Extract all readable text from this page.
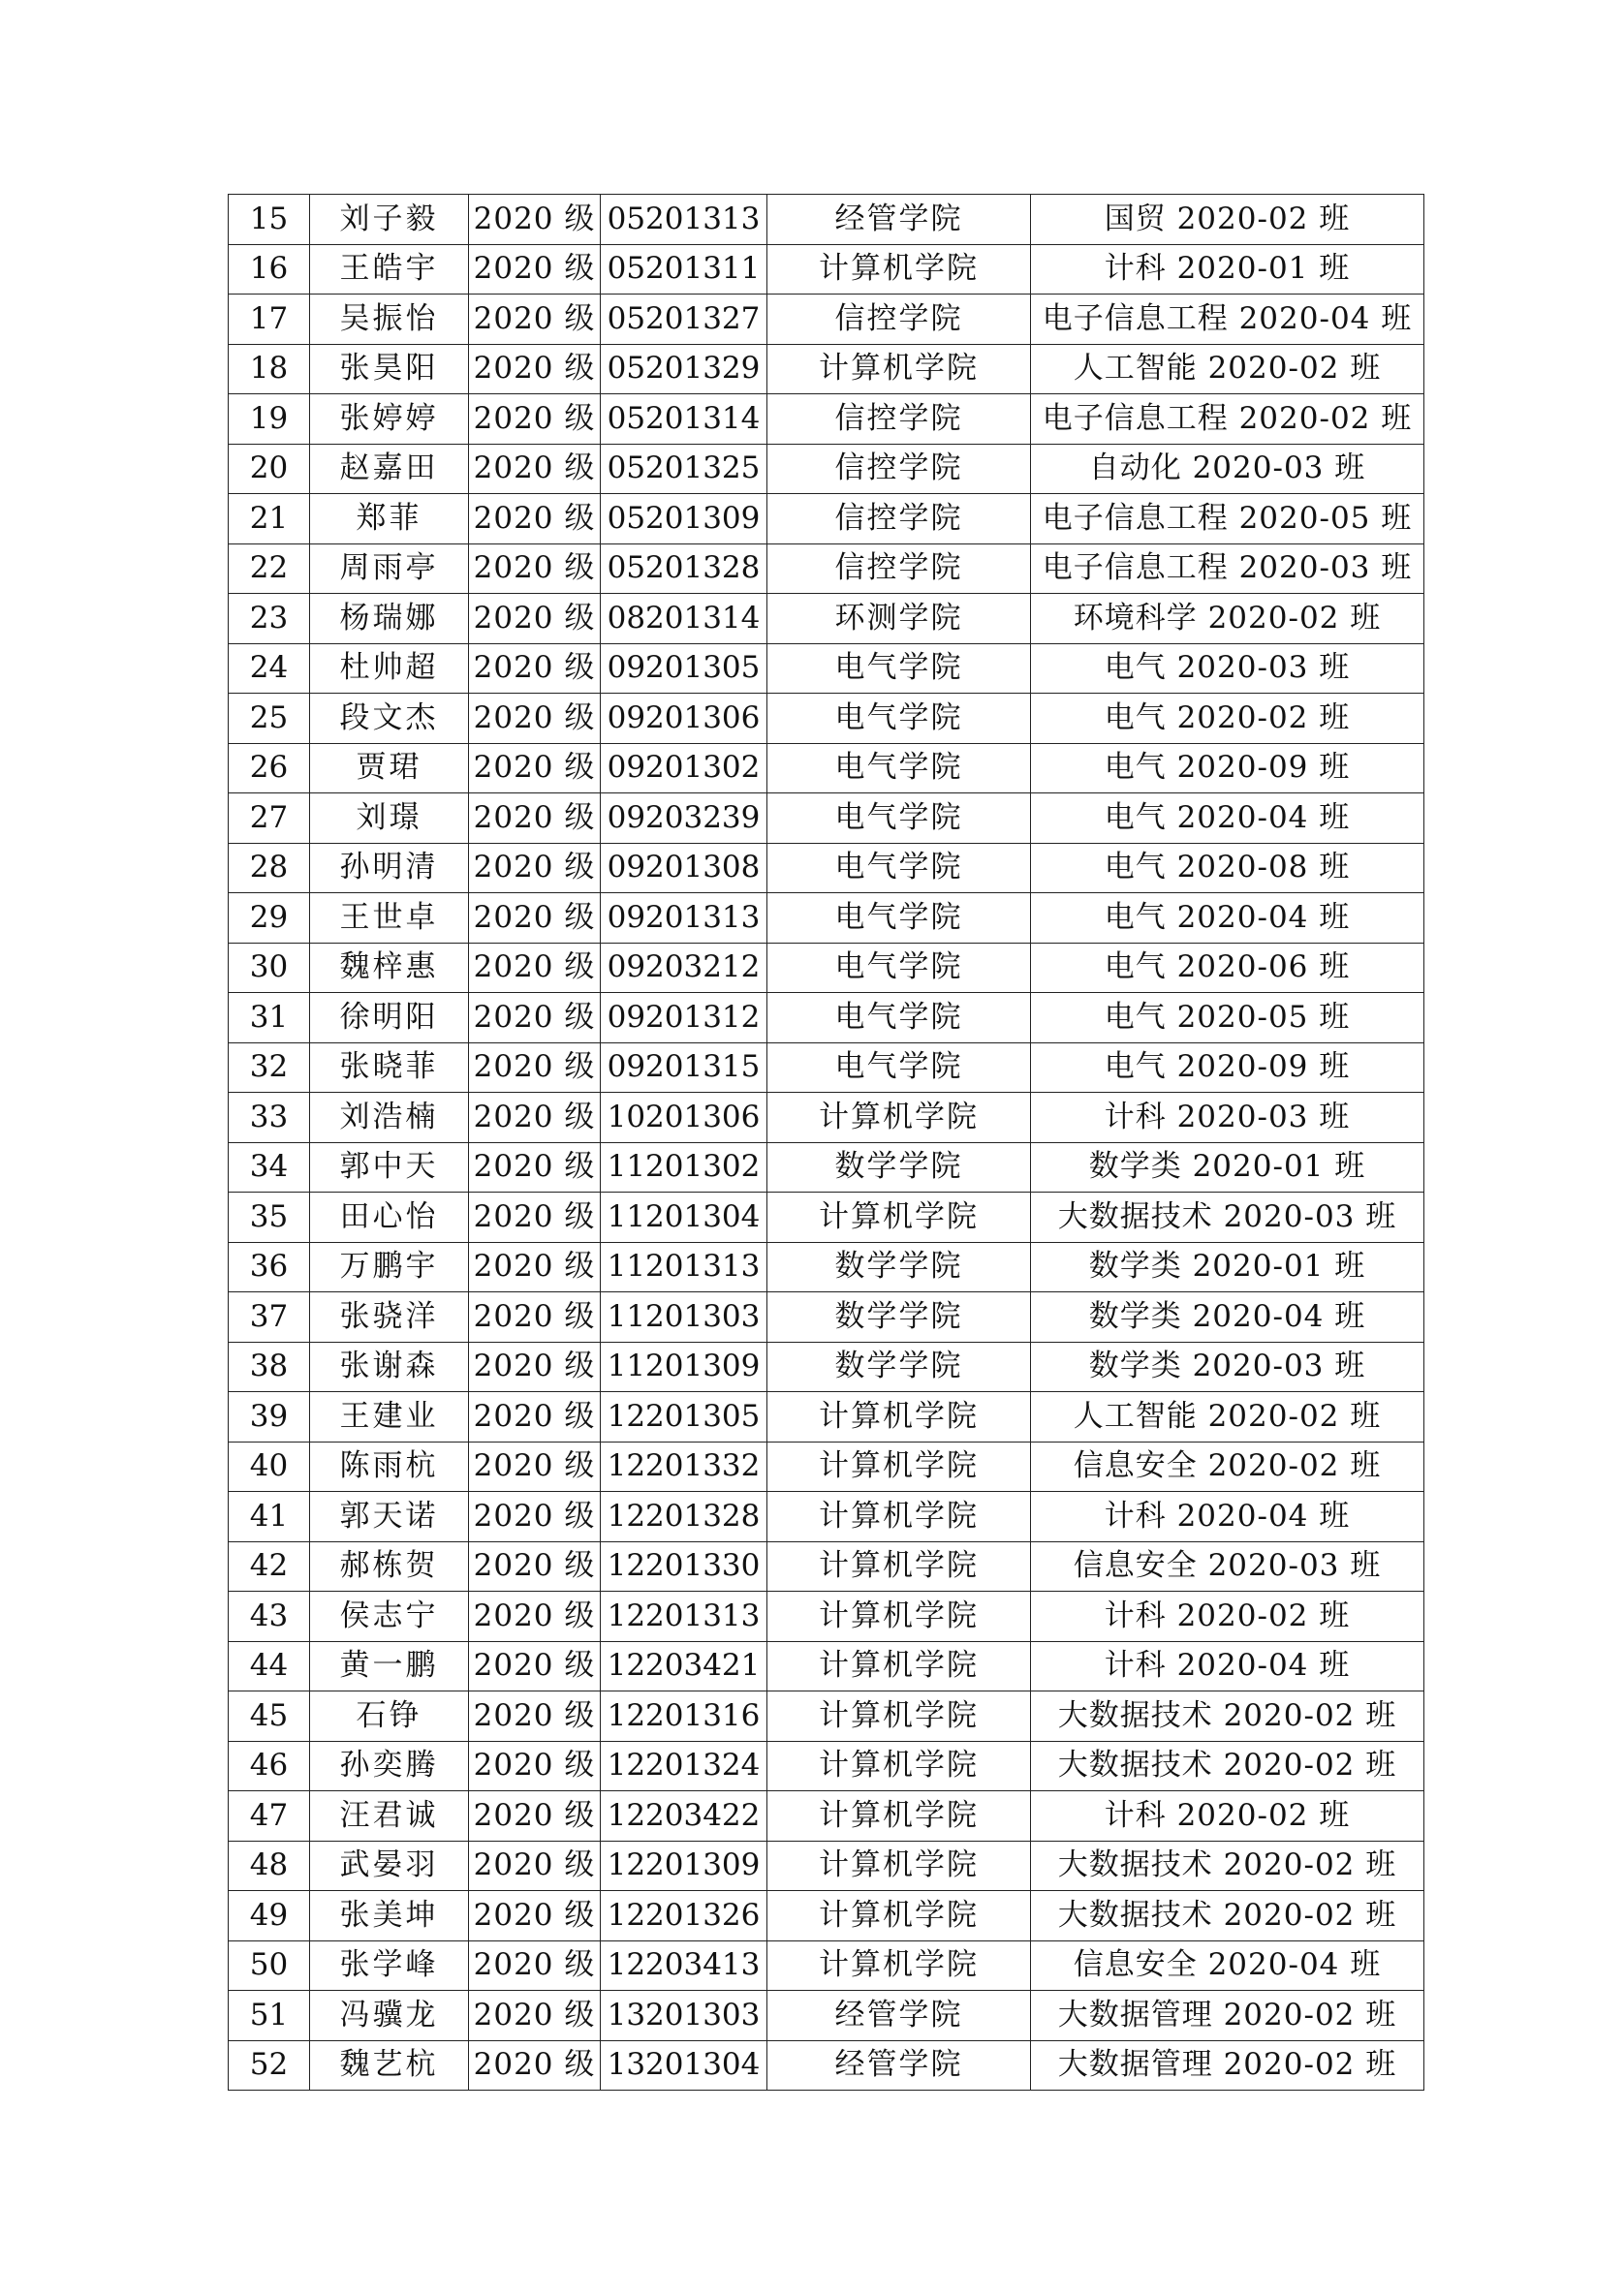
15	刘子毅	2020 级	05201313	经管学院	国贸 2020-02 班
16	王皓宇	2020 级	05201311	计算机学院	计科 2020-01 班
17	吴振怡	2020 级	05201327	信控学院	电子信息工程 2020-04 班
18	张昊阳	2020 级	05201329	计算机学院	人工智能 2020-02 班
19	张婷婷	2020 级	05201314	信控学院	电子信息工程 2020-02 班
20	赵嘉田	2020 级	05201325	信控学院	自动化 2020-03 班
21	郑菲	2020 级	05201309	信控学院	电子信息工程 2020-05 班
22	周雨亭	2020 级	05201328	信控学院	电子信息工程 2020-03 班
23	杨瑞娜	2020 级	08201314	环测学院	环境科学 2020-02 班
24	杜帅超	2020 级	09201305	电气学院	电气 2020-03 班
25	段文杰	2020 级	09201306	电气学院	电气 2020-02 班
26	贾珺	2020 级	09201302	电气学院	电气 2020-09 班
27	刘璟	2020 级	09203239	电气学院	电气 2020-04 班
28	孙明清	2020 级	09201308	电气学院	电气 2020-08 班
29	王世卓	2020 级	09201313	电气学院	电气 2020-04 班
30	魏梓惠	2020 级	09203212	电气学院	电气 2020-06 班
31	徐明阳	2020 级	09201312	电气学院	电气 2020-05 班
32	张晓菲	2020 级	09201315	电气学院	电气 2020-09 班
33	刘浩楠	2020 级	10201306	计算机学院	计科 2020-03 班
34	郭中天	2020 级	11201302	数学学院	数学类 2020-01 班
35	田心怡	2020 级	11201304	计算机学院	大数据技术 2020-03 班
36	万鹏宇	2020 级	11201313	数学学院	数学类 2020-01 班
37	张骁洋	2020 级	11201303	数学学院	数学类 2020-04 班
38	张谢森	2020 级	11201309	数学学院	数学类 2020-03 班
39	王建业	2020 级	12201305	计算机学院	人工智能 2020-02 班
40	陈雨杭	2020 级	12201332	计算机学院	信息安全 2020-02 班
41	郭天诺	2020 级	12201328	计算机学院	计科 2020-04 班
42	郝栋贺	2020 级	12201330	计算机学院	信息安全 2020-03 班
43	侯志宁	2020 级	12201313	计算机学院	计科 2020-02 班
44	黄一鹏	2020 级	12203421	计算机学院	计科 2020-04 班
45	石铮	2020 级	12201316	计算机学院	大数据技术 2020-02 班
46	孙奕腾	2020 级	12201324	计算机学院	大数据技术 2020-02 班
47	汪君诚	2020 级	12203422	计算机学院	计科 2020-02 班
48	武晏羽	2020 级	12201309	计算机学院	大数据技术 2020-02 班
49	张美坤	2020 级	12201326	计算机学院	大数据技术 2020-02 班
50	张学峰	2020 级	12203413	计算机学院	信息安全 2020-04 班
51	冯骥龙	2020 级	13201303	经管学院	大数据管理 2020-02 班
52	魏艺杭	2020 级	13201304	经管学院	大数据管理 2020-02 班
